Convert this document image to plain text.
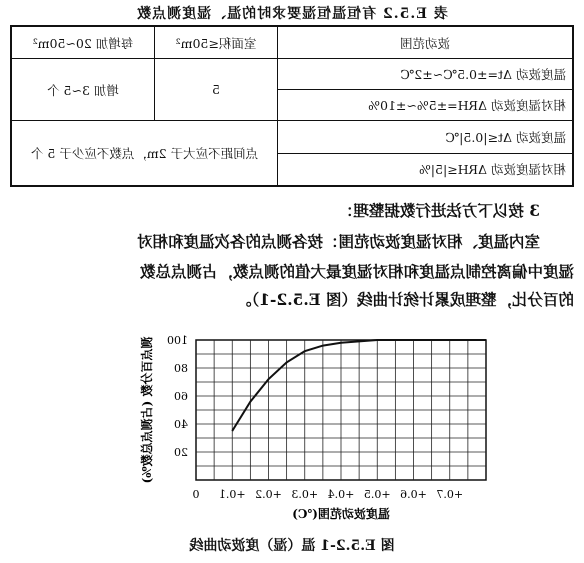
表 E.5.2 有恒温恒湿要求时的温、湿度测点数
波动范围	室面积≤50m²	每增加 20~50m²
温度波动 Δt=±0.5℃~±2℃	5	增加 3~5 个
相对湿度波动 ΔRH=±5%~±10%		
温度波动 Δt≤|0.5|℃	点间距不应大于 2m，点数不应少于 5 个	
相对湿度波动 ΔRH≤|5|%		
3 按以下方法进行数据整理：
室内温度、相对湿度波动范围：按各测点的各次温度和相对
湿度中偏离控制点温度和相对湿度最大值的测点数，占测点总数
的百分比，整理成累计统计曲线（图 E.5.2-1）。
+0.7
+0.6
+0.5
+0.4
+0.3
+0.2
+0.1
0
20
40
60
80
100
温度波动范围(℃)
测点百分数 (占测点总数%)
图 E.5.2-1 温（湿）度波动曲线
